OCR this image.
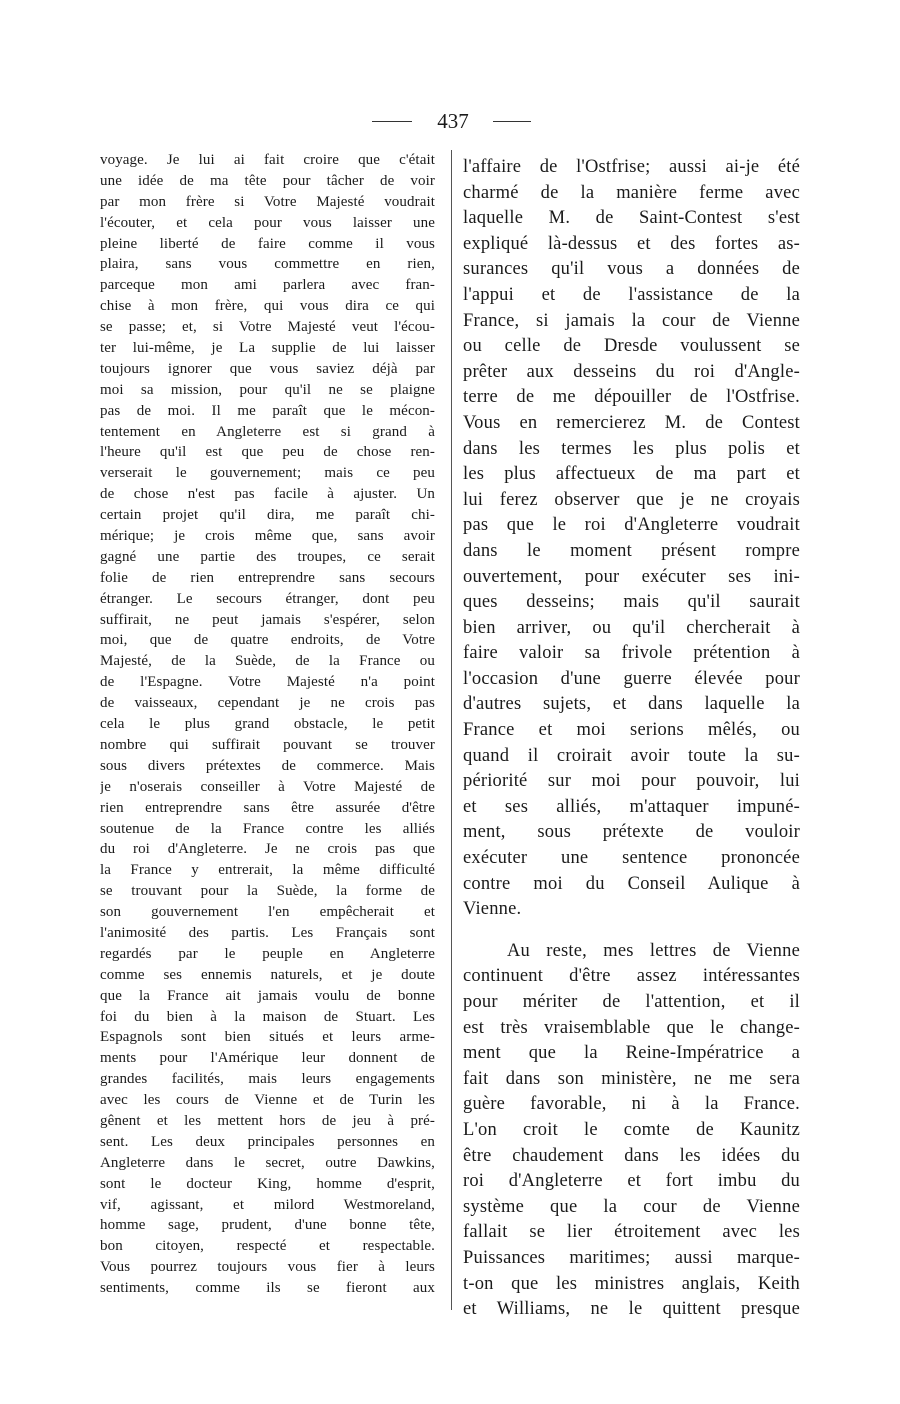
437
voyage. Je lui ai fait croire que c'était
une idée de ma tête pour tâcher de voir
par mon frère si Votre Majesté voudrait
l'écouter, et cela pour vous laisser une
pleine liberté de faire comme il vous
plaira, sans vous commettre en rien,
parceque mon ami parlera avec fran-
chise à mon frère, qui vous dira ce qui
se passe; et, si Votre Majesté veut l'écou-
ter lui-même, je La supplie de lui laisser
toujours ignorer que vous saviez déjà par
moi sa mission, pour qu'il ne se plaigne
pas de moi. Il me paraît que le mécon-
tentement en Angleterre est si grand à
l'heure qu'il est que peu de chose ren-
verserait le gouvernement; mais ce peu
de chose n'est pas facile à ajuster. Un
certain projet qu'il dira, me paraît chi-
mérique; je crois même que, sans avoir
gagné une partie des troupes, ce serait
folie de rien entreprendre sans secours
étranger. Le secours étranger, dont peu
suffirait, ne peut jamais s'espérer, selon
moi, que de quatre endroits, de Votre
Majesté, de la Suède, de la France ou
de l'Espagne. Votre Majesté n'a point
de vaisseaux, cependant je ne crois pas
cela le plus grand obstacle, le petit
nombre qui suffirait pouvant se trouver
sous divers prétextes de commerce. Mais
je n'oserais conseiller à Votre Majesté de
rien entreprendre sans être assurée d'être
soutenue de la France contre les alliés
du roi d'Angleterre. Je ne crois pas que
la France y entrerait, la même difficulté
se trouvant pour la Suède, la forme de
son gouvernement l'en empêcherait et
l'animosité des partis. Les Français sont
regardés par le peuple en Angleterre
comme ses ennemis naturels, et je doute
que la France ait jamais voulu de bonne
foi du bien à la maison de Stuart. Les
Espagnols sont bien situés et leurs arme-
ments pour l'Amérique leur donnent de
grandes facilités, mais leurs engagements
avec les cours de Vienne et de Turin les
gênent et les mettent hors de jeu à pré-
sent. Les deux principales personnes en
Angleterre dans le secret, outre Dawkins,
sont le docteur King, homme d'esprit,
vif, agissant, et milord Westmoreland,
homme sage, prudent, d'une bonne tête,
bon citoyen, respecté et respectable.
Vous pourrez toujours vous fier à leurs
sentiments, comme ils se fieront aux
l'affaire de l'Ostfrise; aussi ai-je été
charmé de la manière ferme avec
laquelle M. de Saint-Contest s'est
expliqué là-dessus et des fortes as-
surances qu'il vous a données de
l'appui et de l'assistance de la
France, si jamais la cour de Vienne
ou celle de Dresde voulussent se
prêter aux desseins du roi d'Angle-
terre de me dépouiller de l'Ostfrise.
Vous en remercierez M. de Contest
dans les termes les plus polis et
les plus affectueux de ma part et
lui ferez observer que je ne croyais
pas que le roi d'Angleterre voudrait
dans le moment présent rompre
ouvertement, pour exécuter ses ini-
ques desseins; mais qu'il saurait
bien arriver, ou qu'il chercherait à
faire valoir sa frivole prétention à
l'occasion d'une guerre élevée pour
d'autres sujets, et dans laquelle la
France et moi serions mêlés, ou
quand il croirait avoir toute la su-
périorité sur moi pour pouvoir, lui
et ses alliés, m'attaquer impuné-
ment, sous prétexte de vouloir
exécuter une sentence prononcée
contre moi du Conseil Aulique à
Vienne.
Au reste, mes lettres de Vienne
continuent d'être assez intéressantes
pour mériter de l'attention, et il
est très vraisemblable que le change-
ment que la Reine-Impératrice a
fait dans son ministère, ne me sera
guère favorable, ni à la France.
L'on croit le comte de Kaunitz
être chaudement dans les idées du
roi d'Angleterre et fort imbu du
système que la cour de Vienne
fallait se lier étroitement avec les
Puissances maritimes; aussi marque-
t-on que les ministres anglais, Keith
et Williams, ne le quittent presque
